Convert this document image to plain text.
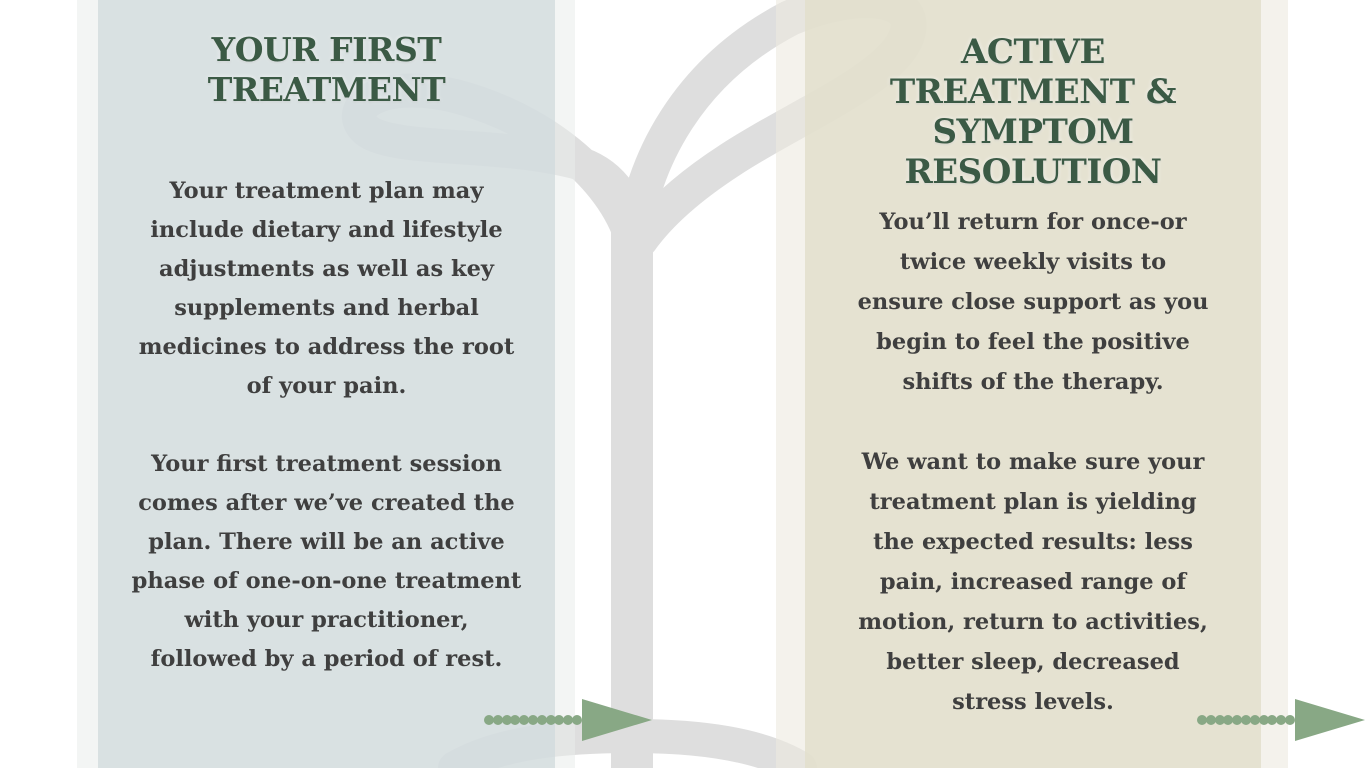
YOUR FIRST
TREATMENT

Your treatment plan may
include dietary and lifestyle
adjustments as well as key
supplements and herbal
medicines to address the root
of your pain.

Your first treatment session
comes after we’ve created the
plan. There will be an active
phase of one-on-one treatment
with your practitioner,
followed by a period of rest.

ACTIVE
TREATMENT &
SYMPTOM
RESOLUTION

You’ll return for once-or
twice weekly visits to
ensure close support as you
begin to feel the positive
shifts of the therapy.

We want to make sure your
treatment plan is yielding
the expected results: less
pain, increased range of
motion, return to activities,
better sleep, decreased
stress levels.
